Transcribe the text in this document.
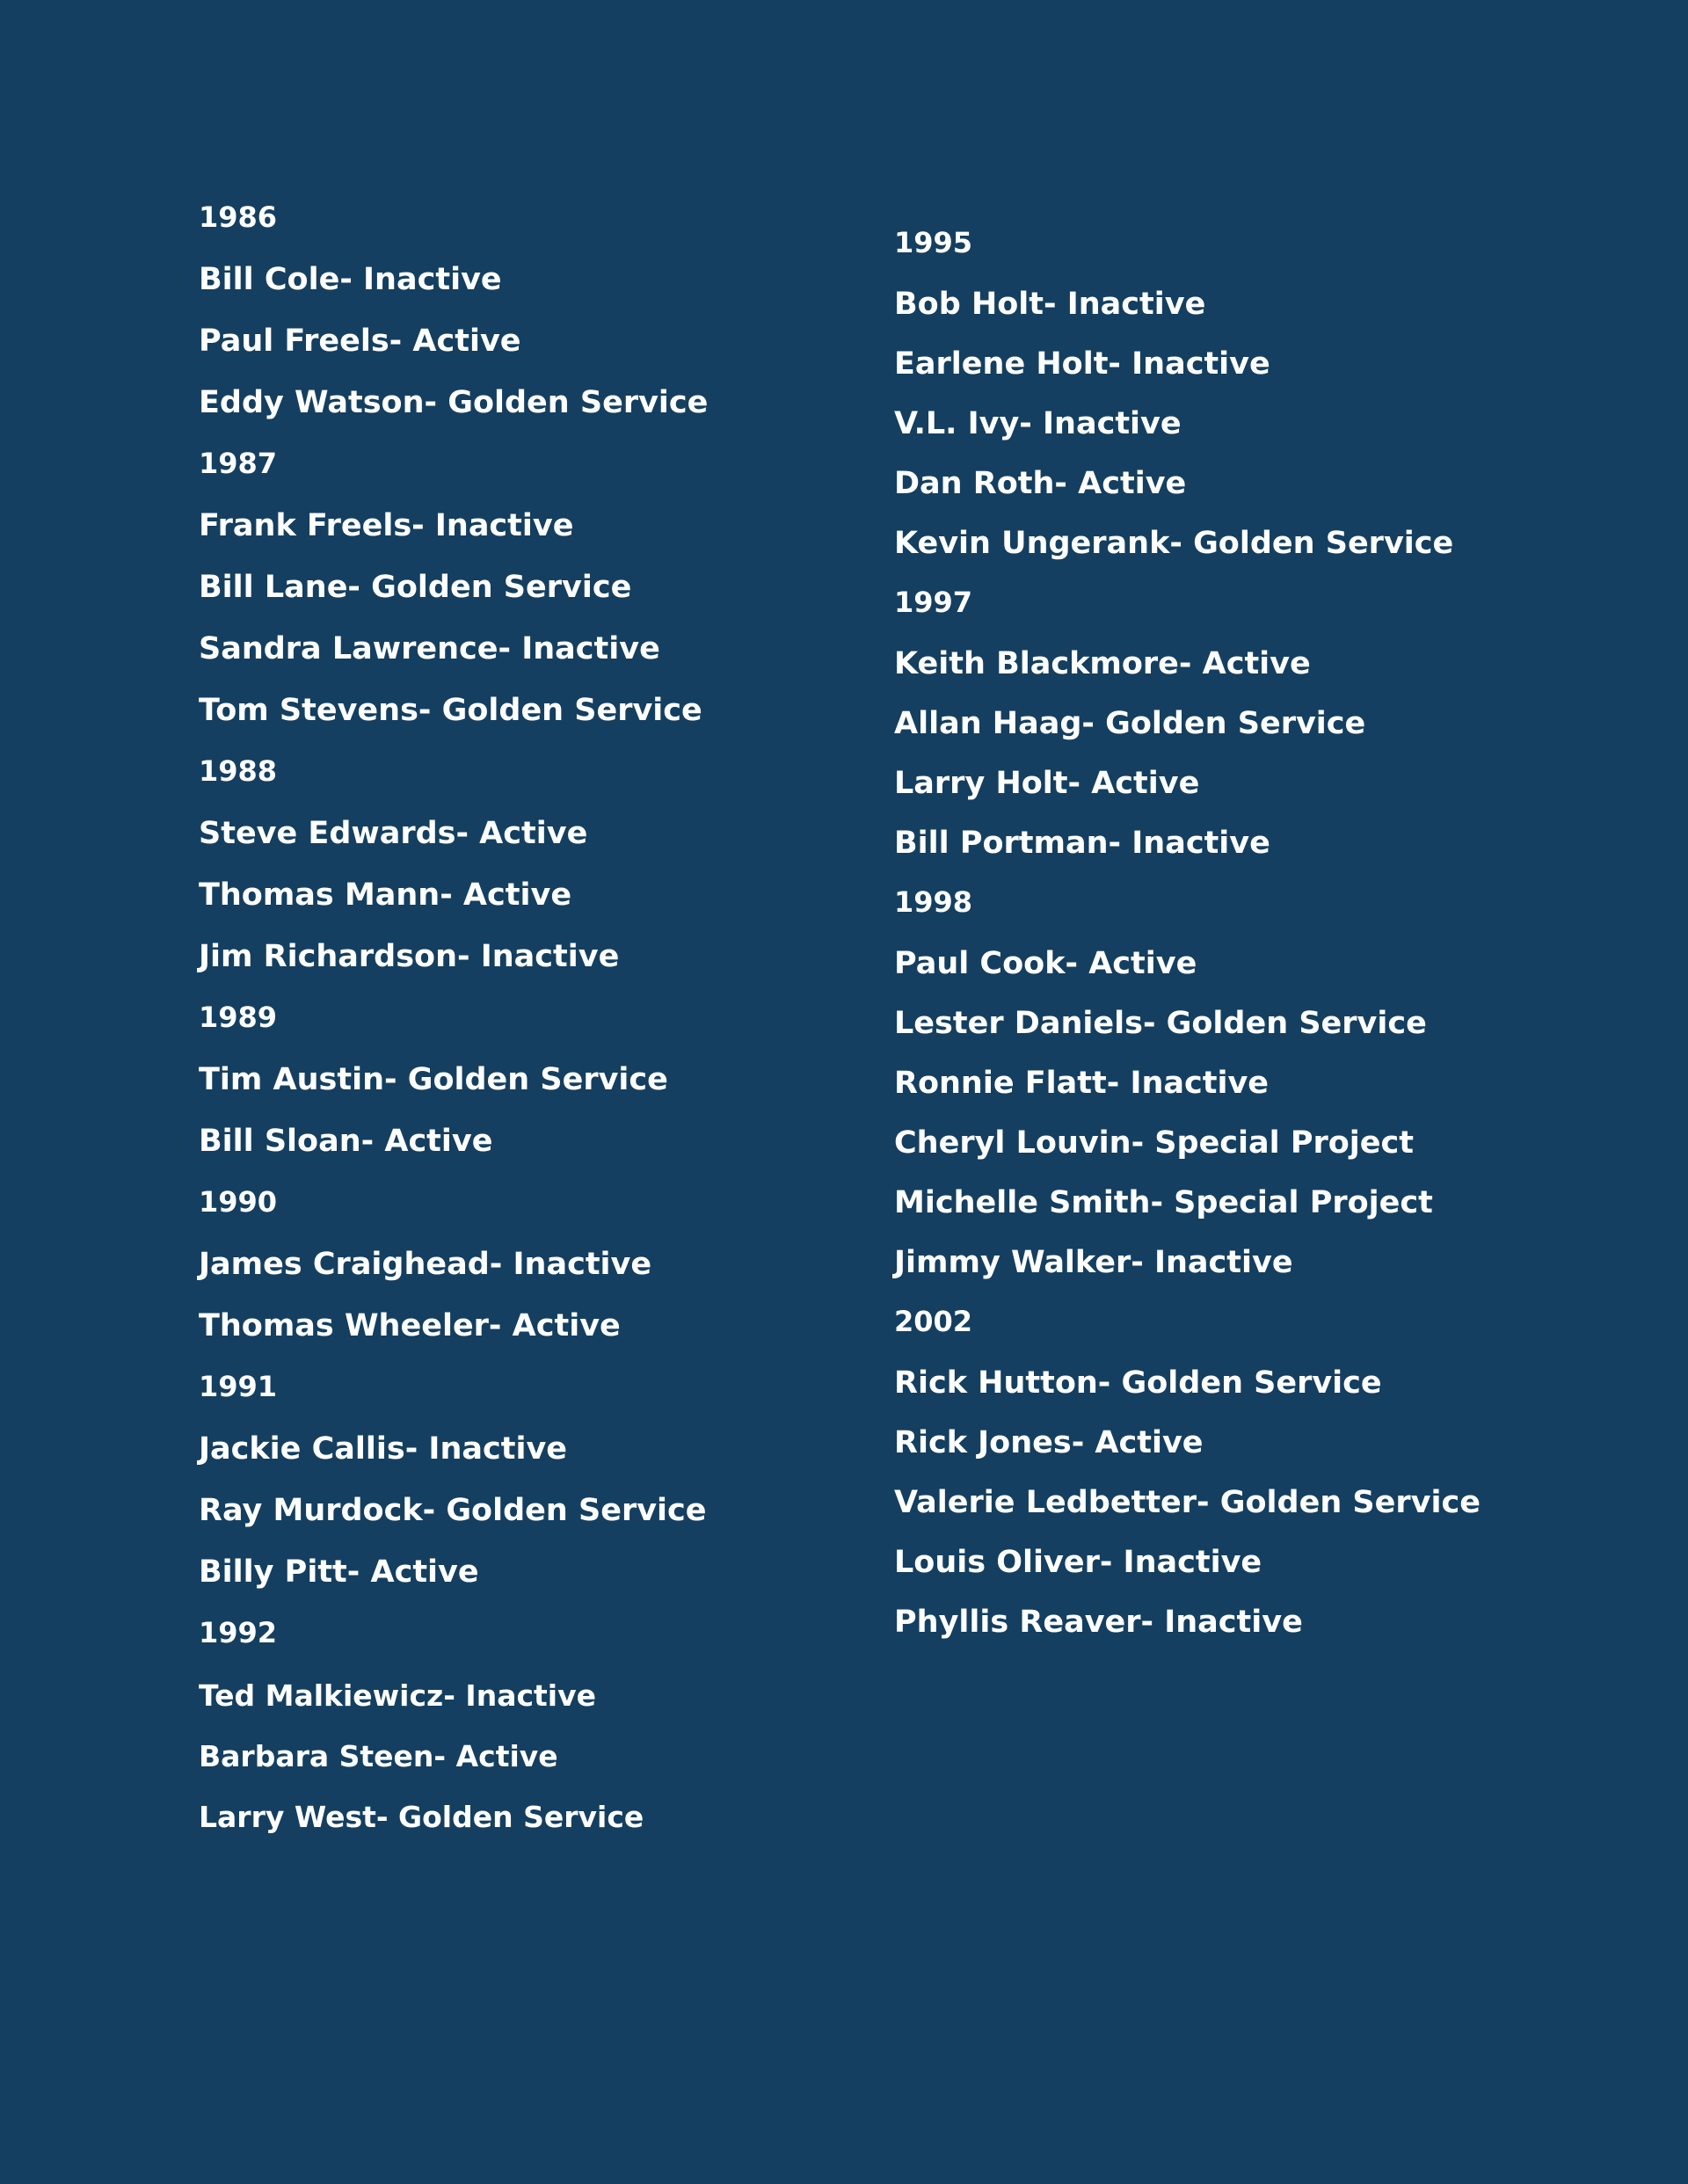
1986
Bill Cole- Inactive
Paul Freels- Active
Eddy Watson- Golden Service
1987
Frank Freels- Inactive
Bill Lane- Golden Service
Sandra Lawrence- Inactive
Tom Stevens- Golden Service
1988
Steve Edwards- Active
Thomas Mann- Active
Jim Richardson- Inactive
1989
Tim Austin- Golden Service
Bill Sloan- Active
1990
James Craighead- Inactive
Thomas Wheeler- Active
1991
Jackie Callis- Inactive
Ray Murdock- Golden Service
Billy Pitt- Active
1992
Ted Malkiewicz- Inactive
Barbara Steen- Active
Larry West- Golden Service
1995
Bob Holt- Inactive
Earlene Holt- Inactive
V.L. Ivy- Inactive
Dan Roth- Active
Kevin Ungerank- Golden Service
1997
Keith Blackmore- Active
Allan Haag- Golden Service
Larry Holt- Active
Bill Portman- Inactive
1998
Paul Cook- Active
Lester Daniels- Golden Service
Ronnie Flatt- Inactive
Cheryl Louvin- Special Project
Michelle Smith- Special Project
Jimmy Walker- Inactive
2002
Rick Hutton- Golden Service
Rick Jones- Active
Valerie Ledbetter- Golden Service
Louis Oliver- Inactive
Phyllis Reaver- Inactive
